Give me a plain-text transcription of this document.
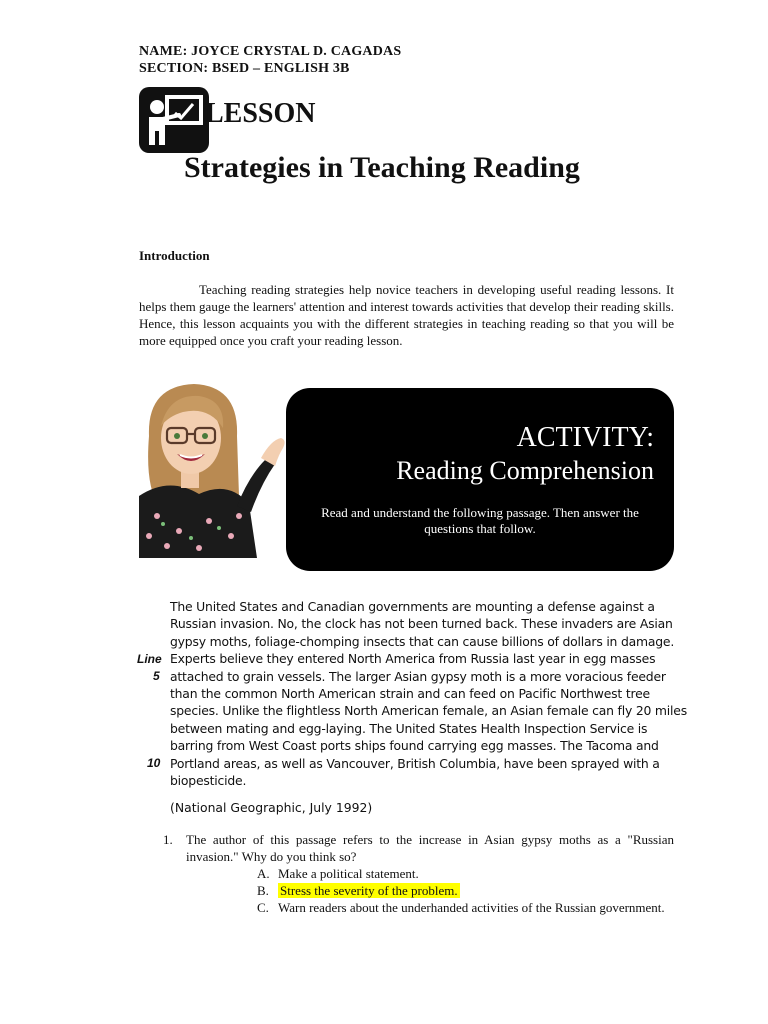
NAME: JOYCE CRYSTAL D. CAGADAS
SECTION: BSED – ENGLISH 3B
LESSON
Strategies in Teaching Reading
Introduction
Teaching reading strategies help novice teachers in developing useful reading lessons. It helps them gauge the learners' attention and interest towards activities that develop their reading skills. Hence, this lesson acquaints you with the different strategies in teaching reading so that you will be more equipped once you craft your reading lesson.
ACTIVITY:
Reading Comprehension
Read and understand the following passage. Then answer the questions that follow.
The United States and Canadian governments are mounting a defense against a
Russian invasion. No, the clock has not been turned back. These invaders are Asian
gypsy moths, foliage-chomping insects that can cause billions of dollars in damage.
Experts believe they entered North America from Russia last year in egg masses
attached to grain vessels. The larger Asian gypsy moth is a more voracious feeder
than the common North American strain and can feed on Pacific Northwest tree
species. Unlike the flightless North American female, an Asian female can fly 20 miles
between mating and egg-laying. The United States Health Inspection Service is
barring from West Coast ports ships found carrying egg masses. The Tacoma and
Portland areas, as well as Vancouver, British Columbia, have been sprayed with a
biopesticide.
Line
5
10
(National Geographic, July 1992)
1. The author of this passage refers to the increase in Asian gypsy moths as a "Russian invasion." Why do you think so?
A. Make a political statement.
B. Stress the severity of the problem.
C. Warn readers about the underhanded activities of the Russian government.
